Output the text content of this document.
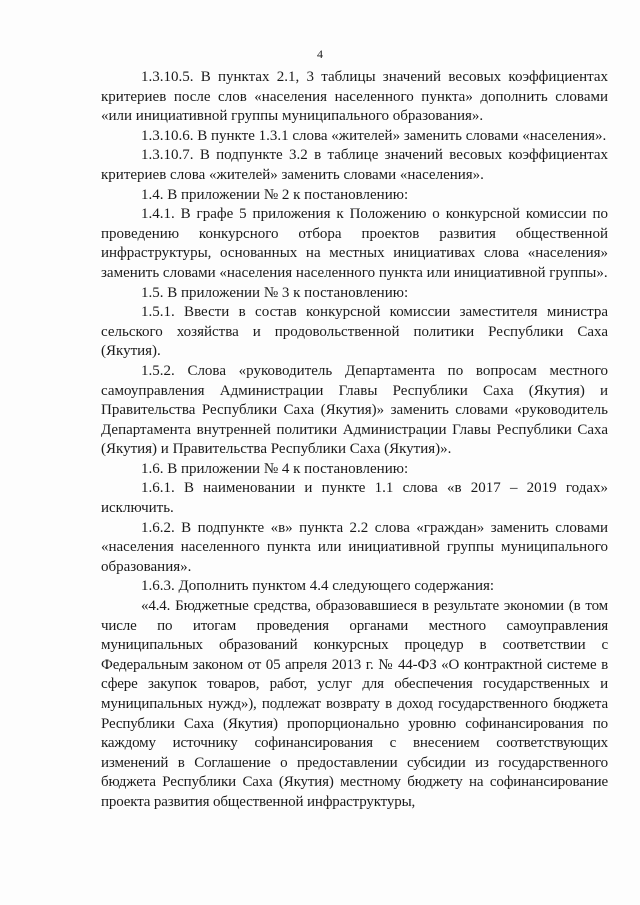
4

1.3.10.5. В пунктах 2.1, 3 таблицы значений весовых коэффициентах критериев после слов «населения населенного пункта» дополнить словами «или инициативной группы муниципального образования».

1.3.10.6. В пункте 1.3.1 слова «жителей» заменить словами «населения».

1.3.10.7. В подпункте 3.2 в таблице значений весовых коэффициентах критериев слова «жителей» заменить словами «населения».

1.4. В приложении № 2 к постановлению:

1.4.1. В графе 5 приложения к Положению о конкурсной комиссии по проведению конкурсного отбора проектов развития общественной инфраструктуры, основанных на местных инициативах слова «населения» заменить словами «населения населенного пункта или инициативной группы».

1.5. В приложении № 3 к постановлению:

1.5.1. Ввести в состав конкурсной комиссии заместителя министра сельского хозяйства и продовольственной политики Республики Саха (Якутия).

1.5.2. Слова «руководитель Департамента по вопросам местного самоуправления Администрации Главы Республики Саха (Якутия) и Правительства Республики Саха (Якутия)» заменить словами «руководитель Департамента внутренней политики Администрации Главы Республики Саха (Якутия) и Правительства Республики Саха (Якутия)».

1.6. В приложении № 4 к постановлению:

1.6.1. В наименовании и пункте 1.1 слова «в 2017 – 2019 годах» исключить.

1.6.2. В подпункте «в» пункта 2.2 слова «граждан» заменить словами «населения населенного пункта или инициативной группы муниципального образования».

1.6.3. Дополнить пунктом 4.4 следующего содержания:

«4.4. Бюджетные средства, образовавшиеся в результате экономии (в том числе по итогам проведения органами местного самоуправления муниципальных образований конкурсных процедур в соответствии с Федеральным законом от 05 апреля 2013 г. № 44-ФЗ «О контрактной системе в сфере закупок товаров, работ, услуг для обеспечения государственных и муниципальных нужд»), подлежат возврату в доход государственного бюджета Республики Саха (Якутия) пропорционально уровню софинансирования по каждому источнику софинансирования с внесением соответствующих изменений в Соглашение о предоставлении субсидии из государственного бюджета Республики Саха (Якутия) местному бюджету на софинансирование проекта развития общественной инфраструктуры,
